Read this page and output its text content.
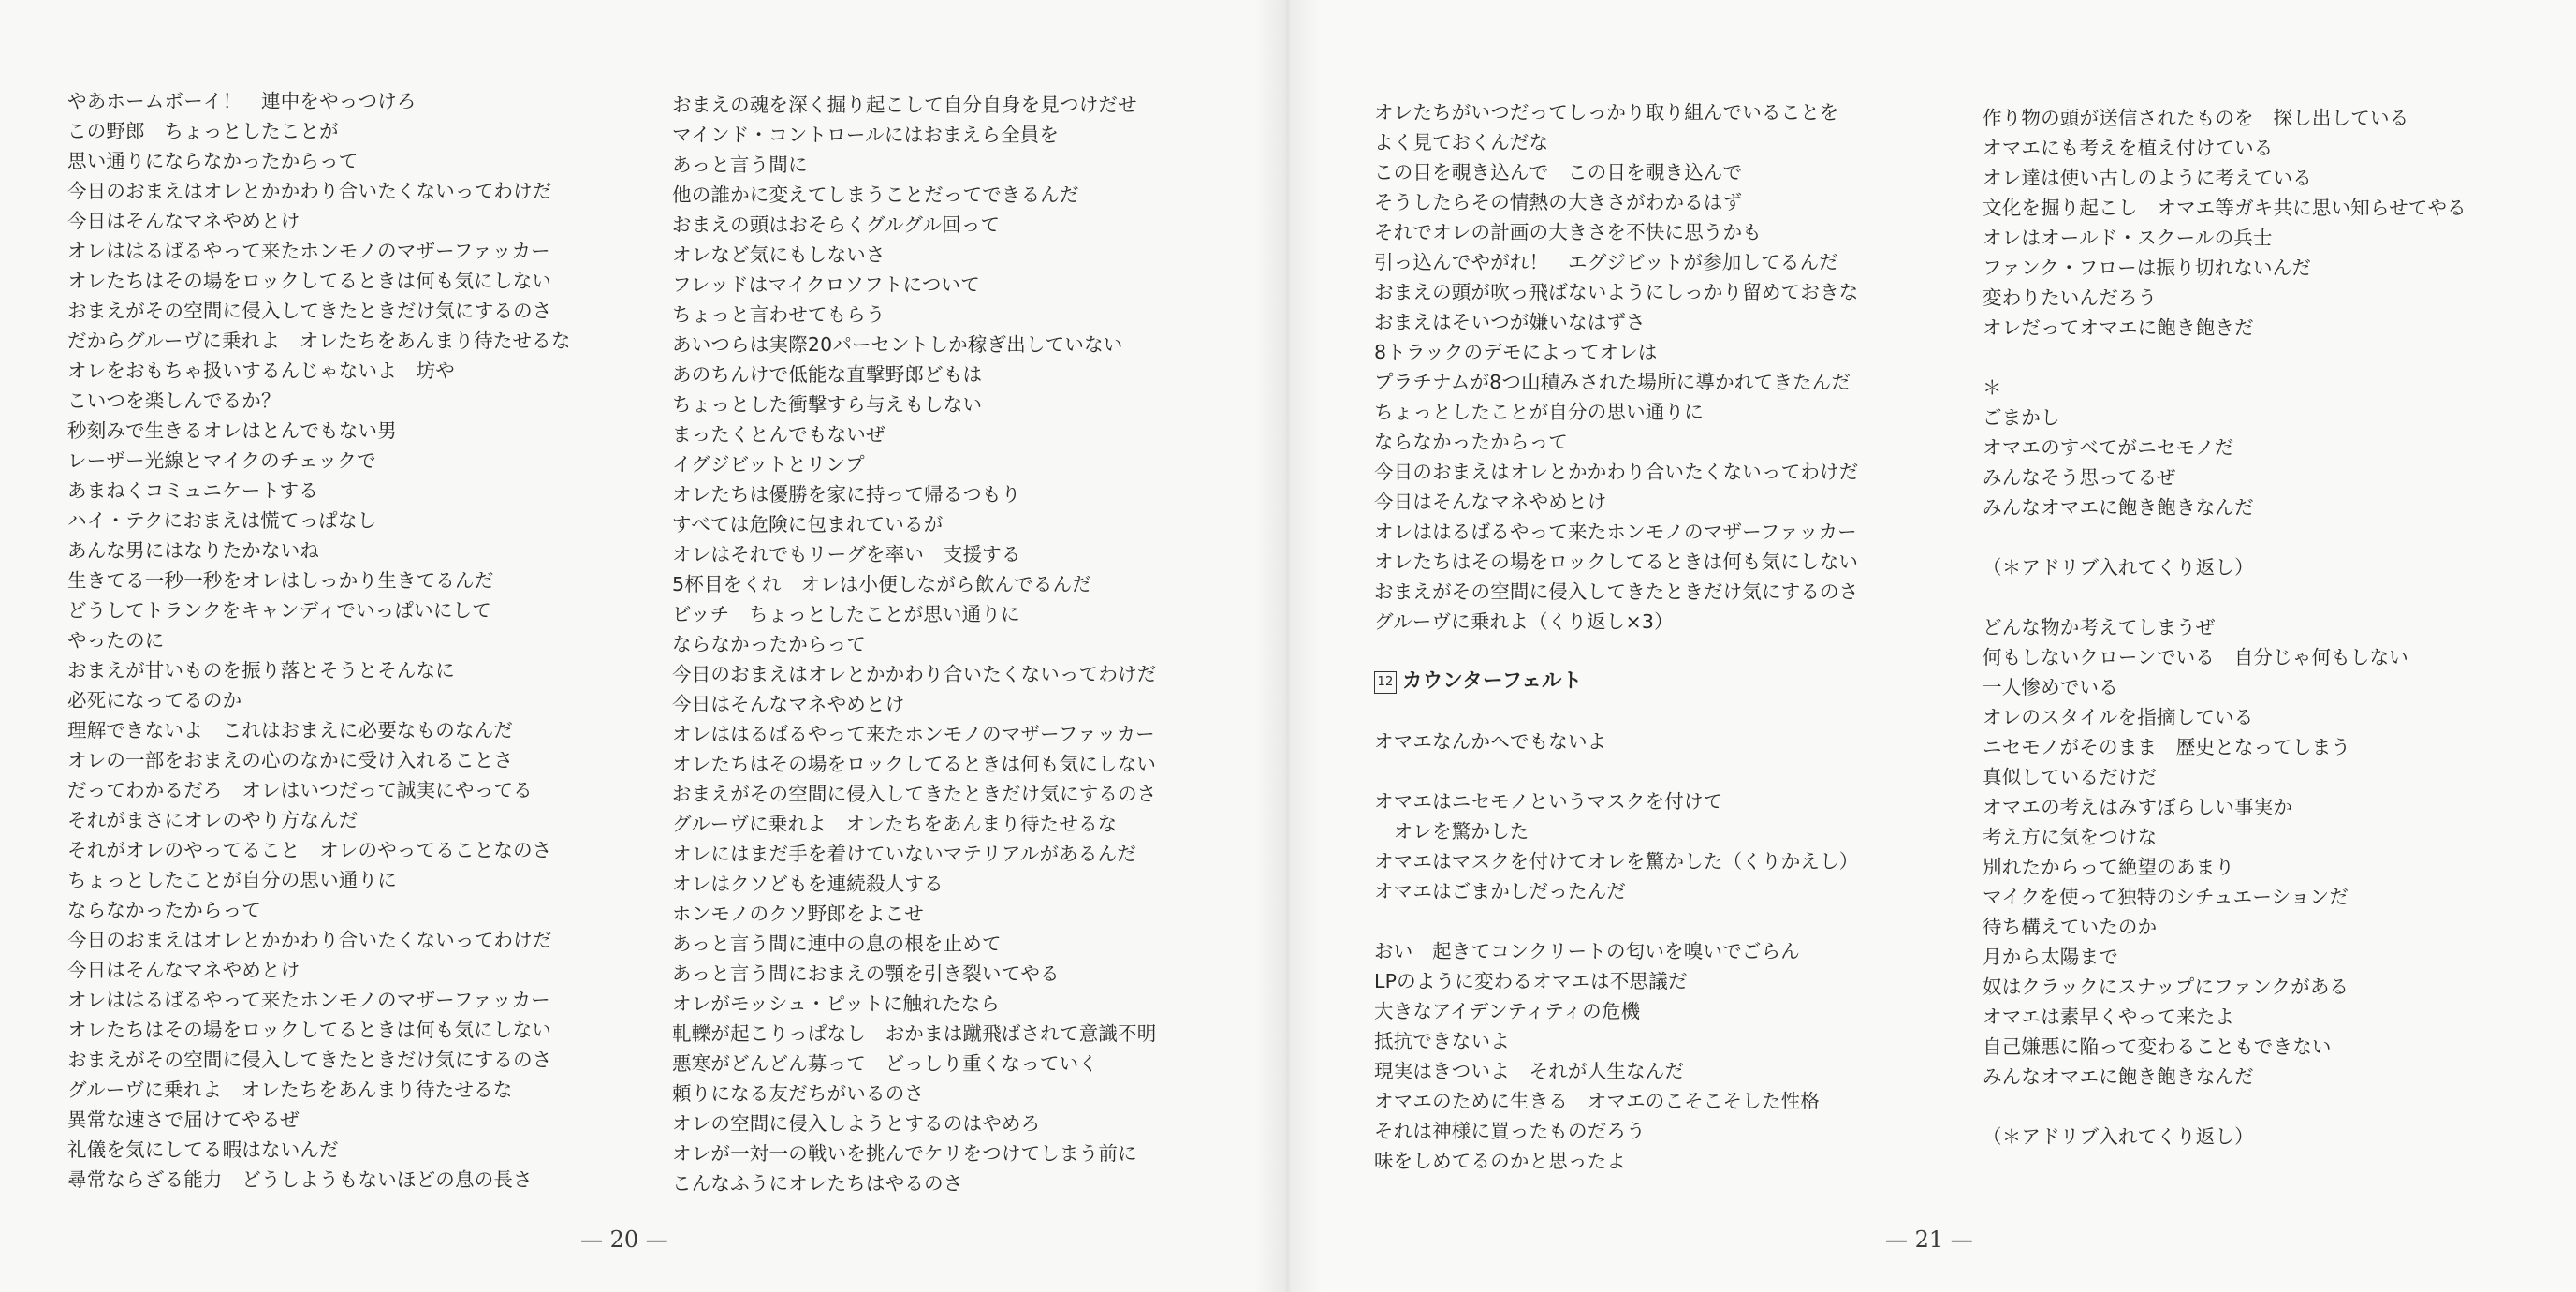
やあホームボーイ！　連中をやっつけろ
この野郎　ちょっとしたことが
思い通りにならなかったからって
今日のおまえはオレとかかわり合いたくないってわけだ
今日はそんなマネやめとけ
オレははるばるやって来たホンモノのマザーファッカー
オレたちはその場をロックしてるときは何も気にしない
おまえがその空間に侵入してきたときだけ気にするのさ
だからグルーヴに乗れよ　オレたちをあんまり待たせるな
オレをおもちゃ扱いするんじゃないよ　坊や
こいつを楽しんでるか？
秒刻みで生きるオレはとんでもない男
レーザー光線とマイクのチェックで
あまねくコミュニケートする
ハイ・テクにおまえは慌てっぱなし
あんな男にはなりたかないね
生きてる一秒一秒をオレはしっかり生きてるんだ
どうしてトランクをキャンディでいっぱいにして
やったのに
おまえが甘いものを振り落とそうとそんなに
必死になってるのか
理解できないよ　これはおまえに必要なものなんだ
オレの一部をおまえの心のなかに受け入れることさ
だってわかるだろ　オレはいつだって誠実にやってる
それがまさにオレのやり方なんだ
それがオレのやってること　オレのやってることなのさ
ちょっとしたことが自分の思い通りに
ならなかったからって
今日のおまえはオレとかかわり合いたくないってわけだ
今日はそんなマネやめとけ
オレははるばるやって来たホンモノのマザーファッカー
オレたちはその場をロックしてるときは何も気にしない
おまえがその空間に侵入してきたときだけ気にするのさ
グルーヴに乗れよ　オレたちをあんまり待たせるな
異常な速さで届けてやるぜ
礼儀を気にしてる暇はないんだ
尋常ならざる能力　どうしようもないほどの息の長さ
おまえの魂を深く掘り起こして自分自身を見つけだせ
マインド・コントロールにはおまえら全員を
あっと言う間に
他の誰かに変えてしまうことだってできるんだ
おまえの頭はおそらくグルグル回って
オレなど気にもしないさ
フレッドはマイクロソフトについて
ちょっと言わせてもらう
あいつらは実際20パーセントしか稼ぎ出していない
あのちんけで低能な直撃野郎どもは
ちょっとした衝撃すら与えもしない
まったくとんでもないぜ
イグジビットとリンプ
オレたちは優勝を家に持って帰るつもり
すべては危険に包まれているが
オレはそれでもリーグを率い　支援する
5杯目をくれ　オレは小便しながら飲んでるんだ
ビッチ　ちょっとしたことが思い通りに
ならなかったからって
今日のおまえはオレとかかわり合いたくないってわけだ
今日はそんなマネやめとけ
オレははるばるやって来たホンモノのマザーファッカー
オレたちはその場をロックしてるときは何も気にしない
おまえがその空間に侵入してきたときだけ気にするのさ
グルーヴに乗れよ　オレたちをあんまり待たせるな
オレにはまだ手を着けていないマテリアルがあるんだ
オレはクソどもを連続殺人する
ホンモノのクソ野郎をよこせ
あっと言う間に連中の息の根を止めて
あっと言う間におまえの顎を引き裂いてやる
オレがモッシュ・ピットに触れたなら
軋轢が起こりっぱなし　おかまは蹴飛ばされて意識不明
悪寒がどんどん募って　どっしり重くなっていく
頼りになる友だちがいるのさ
オレの空間に侵入しようとするのはやめろ
オレが一対一の戦いを挑んでケリをつけてしまう前に
こんなふうにオレたちはやるのさ
オレたちがいつだってしっかり取り組んでいることを
よく見ておくんだな
この目を覗き込んで　この目を覗き込んで
そうしたらその情熱の大きさがわかるはず
それでオレの計画の大きさを不快に思うかも
引っ込んでやがれ！　エグジビットが参加してるんだ
おまえの頭が吹っ飛ばないようにしっかり留めておきな
おまえはそいつが嫌いなはずさ
8トラックのデモによってオレは
プラチナムが8つ山積みされた場所に導かれてきたんだ
ちょっとしたことが自分の思い通りに
ならなかったからって
今日のおまえはオレとかかわり合いたくないってわけだ
今日はそんなマネやめとけ
オレははるばるやって来たホンモノのマザーファッカー
オレたちはその場をロックしてるときは何も気にしない
おまえがその空間に侵入してきたときだけ気にするのさ
グルーヴに乗れよ（くり返し×3）
12 カウンターフェルト
オマエなんかへでもないよ
オマエはニセモノというマスクを付けて
　オレを驚かした
オマエはマスクを付けてオレを驚かした（くりかえし）
オマエはごまかしだったんだ
おい　起きてコンクリートの匂いを嗅いでごらん
LPのように変わるオマエは不思議だ
大きなアイデンティティの危機
抵抗できないよ
現実はきついよ　それが人生なんだ
オマエのために生きる　オマエのこそこそした性格
それは神様に買ったものだろう
味をしめてるのかと思ったよ
作り物の頭が送信されたものを　探し出している
オマエにも考えを植え付けている
オレ達は使い古しのように考えている
文化を掘り起こし　オマエ等ガキ共に思い知らせてやる
オレはオールド・スクールの兵士
ファンク・フローは振り切れないんだ
変わりたいんだろう
オレだってオマエに飽き飽きだ
＊
ごまかし
オマエのすべてがニセモノだ
みんなそう思ってるぜ
みんなオマエに飽き飽きなんだ
（＊アドリブ入れてくり返し）
どんな物か考えてしまうぜ
何もしないクローンでいる　自分じゃ何もしない
一人惨めでいる
オレのスタイルを指摘している
ニセモノがそのまま　歴史となってしまう
真似しているだけだ
オマエの考えはみすぼらしい事実か
考え方に気をつけな
別れたからって絶望のあまり
マイクを使って独特のシチュエーションだ
待ち構えていたのか
月から太陽まで
奴はクラックにスナップにファンクがある
オマエは素早くやって来たよ
自己嫌悪に陥って変わることもできない
みんなオマエに飽き飽きなんだ
（＊アドリブ入れてくり返し）
— 20 —	— 21 —
